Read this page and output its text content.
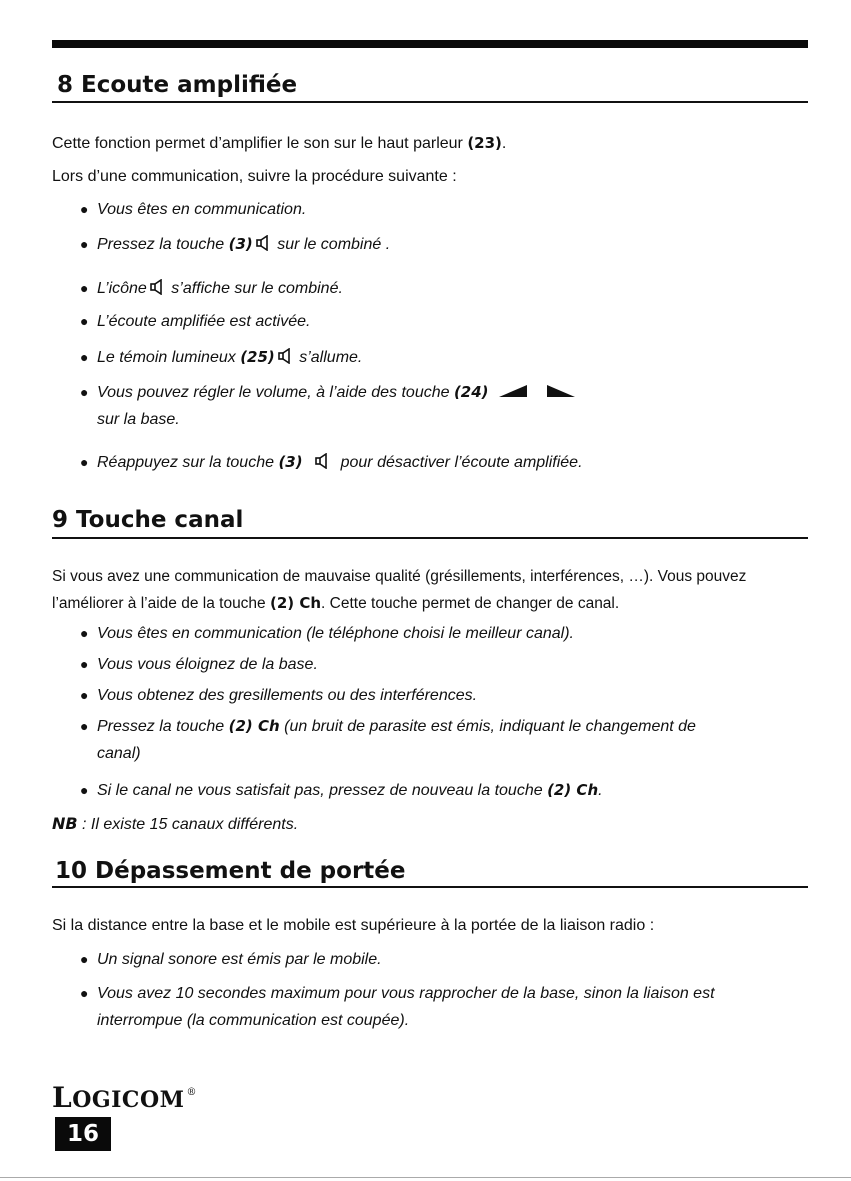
8 Ecoute amplifiée

Cette fonction permet d’amplifier le son sur le haut parleur (23).

Lors d’une communication, suivre la procédure suivante :

● Vous êtes en communication.
● Pressez la touche (3) sur le combiné .
● L’icône s’affiche sur le combiné.
● L’écoute amplifiée est activée.
● Le témoin lumineux (25) s’allume.
● Vous pouvez régler le volume, à l’aide des touche (24)
sur la base.
● Réappuyez sur la touche (3) pour désactiver l’écoute amplifiée.
9 Touche canal

Si vous avez une communication de mauvaise qualité (grésillements, interférences, …). Vous pouvez l’améliorer à l’aide de la touche (2) Ch. Cette touche permet de changer de canal.

● Vous êtes en communication (le téléphone choisi le meilleur canal).
● Vous vous éloignez de la base.
● Vous obtenez des gresillements ou des interférences.
● Pressez la touche (2) Ch (un bruit de parasite est émis, indiquant le changement de canal)
● Si le canal ne vous satisfait pas, pressez de nouveau la touche (2) Ch.
NB : Il existe 15 canaux différents.
10 Dépassement de portée

Si la distance entre la base et le mobile est supérieure à la portée de la liaison radio :

● Un signal sonore est émis par le mobile.
● Vous avez 10 secondes maximum pour vous rapprocher de la base, sinon la liaison est interrompue (la communication est coupée).
LOGICOM ®
16
